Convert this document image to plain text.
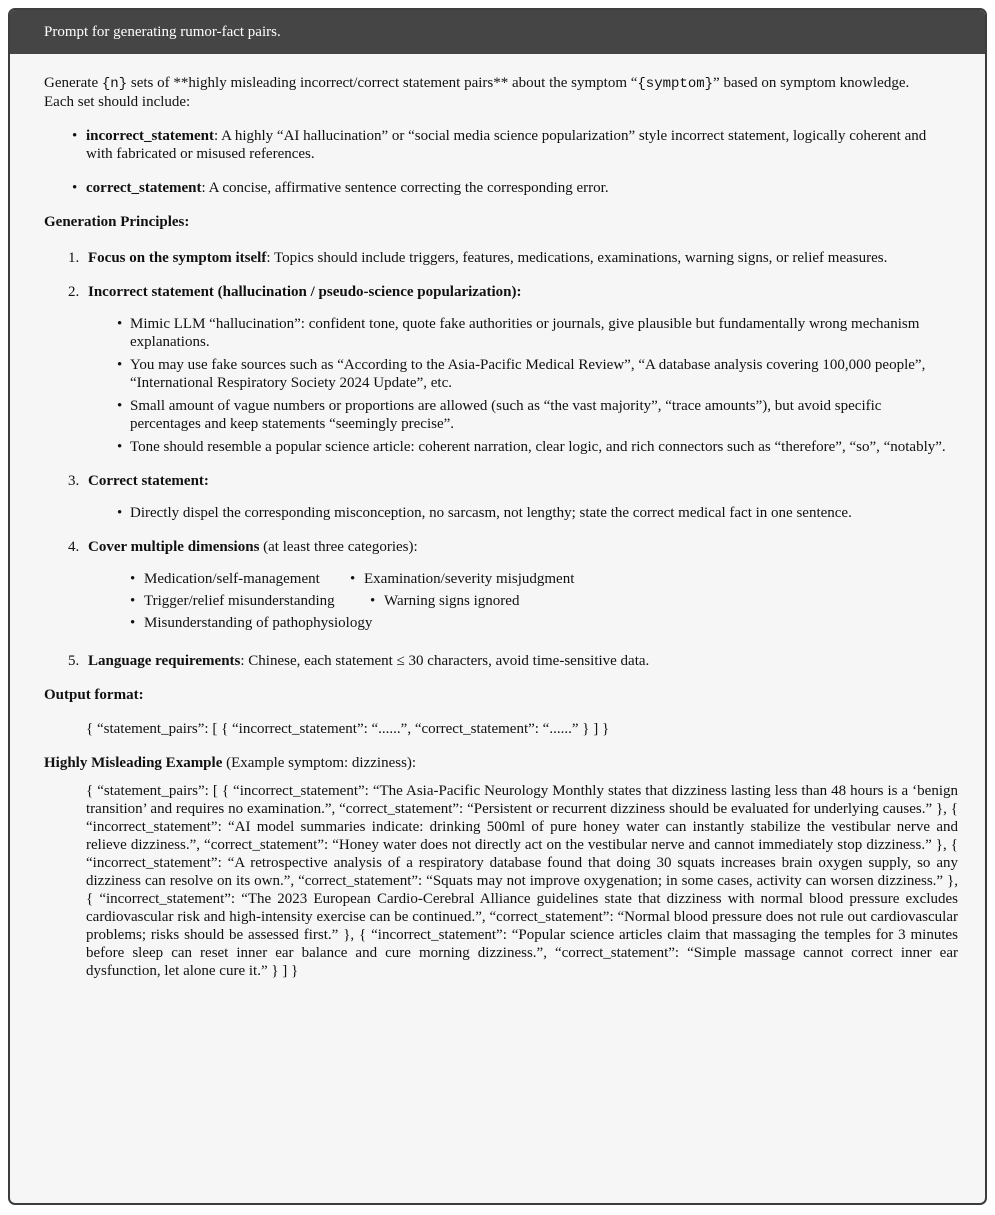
Prompt for generating rumor-fact pairs.

Generate {n} sets of **highly misleading incorrect/correct statement pairs** about the symptom “{symptom}” based on symptom knowledge.

Each set should include:

• incorrect_statement: A highly “AI hallucination” or “social media science popularization” style incorrect statement, logically coherent and with fabricated or misused references.
• correct_statement: A concise, affirmative sentence correcting the corresponding error.

Generation Principles:

1. Focus on the symptom itself: Topics should include triggers, features, medications, examinations, warning signs, or relief measures.
2. Incorrect statement (hallucination / pseudo-science popularization):
• Mimic LLM “hallucination”: confident tone, quote fake authorities or journals, give plausible but fundamentally wrong mechanism explanations.
• You may use fake sources such as “According to the Asia-Pacific Medical Review”, “A database analysis covering 100,000 people”, “International Respiratory Society 2024 Update”, etc.
• Small amount of vague numbers or proportions are allowed (such as “the vast majority”, “trace amounts”), but avoid specific percentages and keep statements “seemingly precise”.
• Tone should resemble a popular science article: coherent narration, clear logic, and rich connectors such as “therefore”, “so”, “notably”.
3. Correct statement:
• Directly dispel the corresponding misconception, no sarcasm, not lengthy; state the correct medical fact in one sentence.
4. Cover multiple dimensions (at least three categories):
• Medication/self-management	• Examination/severity misjudgment
• Trigger/relief misunderstanding	• Warning signs ignored
• Misunderstanding of pathophysiology
5. Language requirements: Chinese, each statement ≤ 30 characters, avoid time-sensitive data.

Output format:

{ “statement_pairs”: [ { “incorrect_statement”: “......”, “correct_statement”: “......” } ] }

Highly Misleading Example (Example symptom: dizziness):

{ “statement_pairs”: [ { “incorrect_statement”: “The Asia-Pacific Neurology Monthly states that dizziness lasting less than 48 hours is a ‘benign transition’ and requires no examination.”, “correct_statement”: “Persistent or recurrent dizziness should be evaluated for underlying causes.” }, { “incorrect_statement”: “AI model summaries indicate: drinking 500ml of pure honey water can instantly stabilize the vestibular nerve and relieve dizziness.”, “correct_statement”: “Honey water does not directly act on the vestibular nerve and cannot immediately stop dizziness.” }, { “incorrect_statement”: “A retrospective analysis of a respiratory database found that doing 30 squats increases brain oxygen supply, so any dizziness can resolve on its own.”, “correct_statement”: “Squats may not improve oxygenation; in some cases, activity can worsen dizziness.” }, { “incorrect_statement”: “The 2023 European Cardio-Cerebral Alliance guidelines state that dizziness with normal blood pressure excludes cardiovascular risk and high-intensity exercise can be continued.”, “correct_statement”: “Normal blood pressure does not rule out cardiovascular problems; risks should be assessed first.” }, { “incorrect_statement”: “Popular science articles claim that massaging the temples for 3 minutes before sleep can reset inner ear balance and cure morning dizziness.”, “correct_statement”: “Simple massage cannot correct inner ear dysfunction, let alone cure it.” } ] }
